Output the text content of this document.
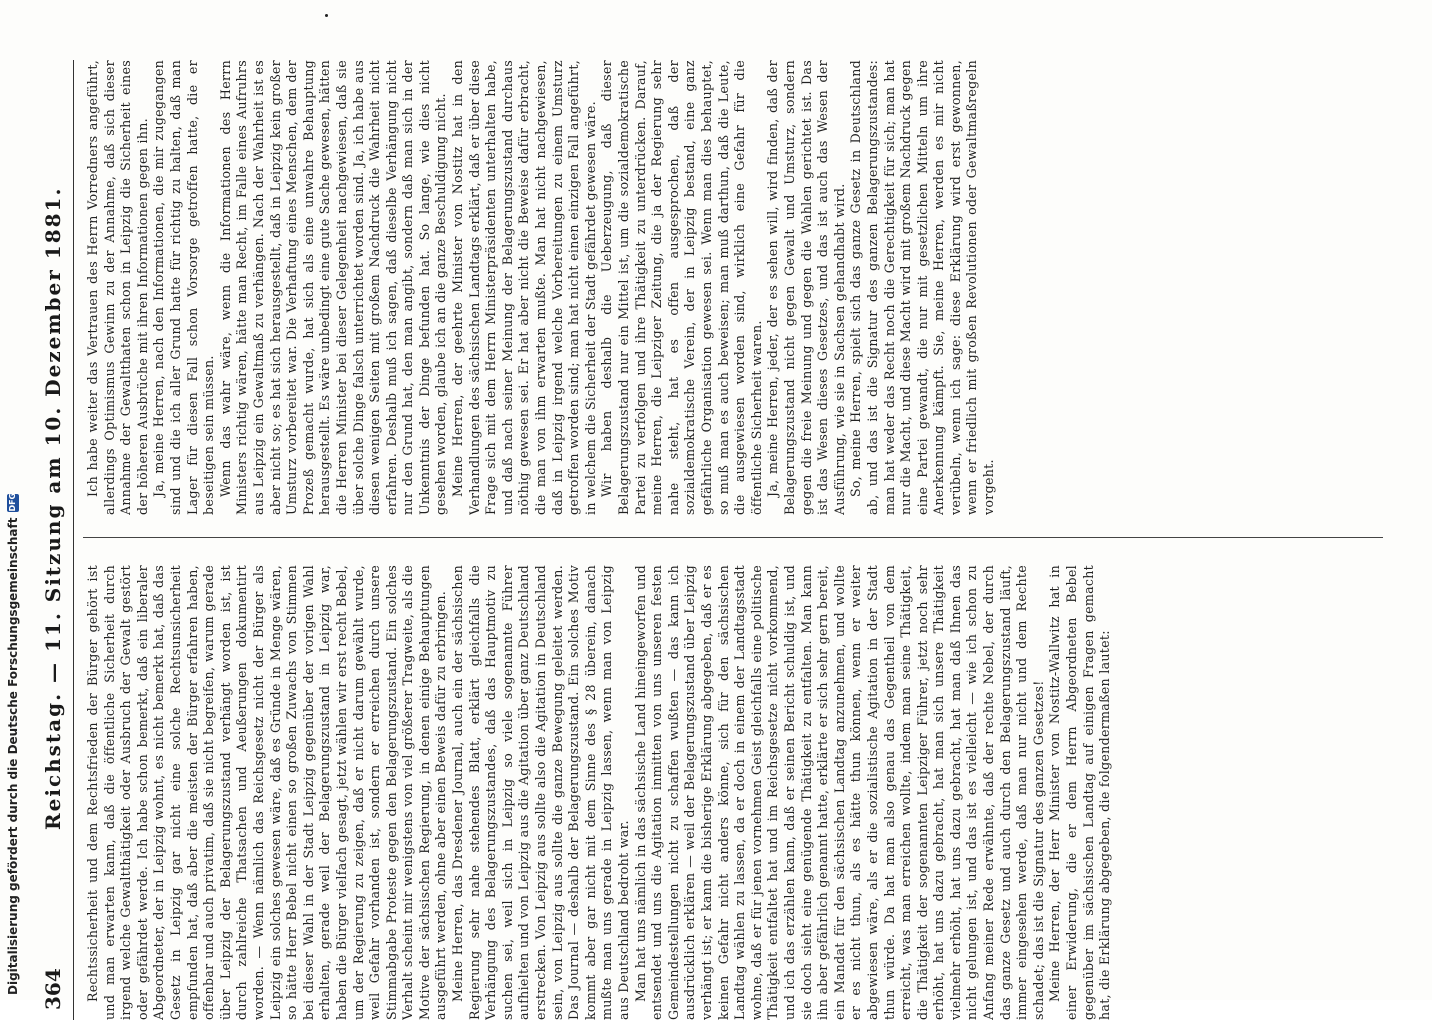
364
Reichstag. — 11. Sitzung am 10. Dezember 1881. Rechtssicherheit und dem Rechtsfrieden der Bürger gehört ist und man erwarten kann, daß die öffentliche Sicherheit durch irgend welche Gewaltthätigkeit oder Ausbruch der Gewalt gestört oder gefährdet werde. Ich habe schon bemerkt, daß ein liberaler Abgeordneter, der in Leipzig wohnt, es nicht bemerkt hat, daß das Gesetz in Leipzig gar nicht eine solche Rechtsunsicherheit empfunden hat, daß aber die meisten der Bürger erfahren haben, offenbar und auch privatim, daß sie nicht begreifen, warum gerade über Leipzig der Belagerungszustand verhängt worden ist, ist durch zahlreiche Thatsachen und Aeußerungen dokumentirt worden. — Wenn nämlich das Reichsgesetz nicht der Bürger als Leipzig ein solches gewesen wäre, daß es Gründe in Menge wären, so hätte Herr Bebel nicht einen so großen Zuwachs von Stimmen bei dieser Wahl in der Stadt Leipzig gegenüber der vorigen Wahl erhalten, gerade weil der Belagerungszustand in Leipzig war, haben die Bürger vielfach gesagt, jetzt wählen wir erst recht Bebel, um der Regierung zu zeigen, daß er nicht darum gewählt wurde, weil Gefahr vorhanden ist, sondern er erreichen durch unsere Stimmabgabe Proteste gegen den Belagerungszustand. Ein solches Verhalt scheint mir wenigstens von viel größerer Tragweite, als die Motive der sächsischen Regierung, in denen einige Behauptungen ausgeführt werden, ohne aber einen Beweis dafür zu erbringen. Meine Herren, das Dresdener Journal, auch ein der sächsischen Regierung sehr nahe stehendes Blatt, erklärt gleichfalls die Verhängung des Belagerungszustandes, daß das Hauptmotiv zu suchen sei, weil sich in Leipzig so viele sogenannte Führer aufhielten und von Leipzig aus die Agitation über ganz Deutschland erstrecken. Von Leipzig aus sollte also die Agitation in Deutschland sein, von Leipzig aus sollte die ganze Bewegung geleitet werden. Das Journal — deshalb der Belagerungszustand. Ein solches Motiv kommt aber gar nicht mit dem Sinne des § 28 überein, danach mußte man uns gerade in Leipzig lassen, wenn man von Leipzig aus Deutschland bedroht war. Man hat uns nämlich in das sächsische Land hineingeworfen und entsendet und uns die Agitation inmitten von uns unseren festen Gemeindestellungen nicht zu schaffen wußten — das kann ich ausdrücklich erklären — weil der Belagerungszustand über Leipzig verhängt ist; er kann die bisherige Erklärung abgegeben, daß er es keinen Gefahr nicht anders könne, sich für den sächsischen Landtag wählen zu lassen, da er doch in einem der Landtagsstadt wohne, daß er für jenen vornehmen Geist gleichfalls eine politische Thätigkeit entfaltet hat und im Reichsgesetze nicht vorkommend, und ich das erzählen kann, daß er seinen Bericht schuldig ist, und sie doch sieht eine genügende Thätigkeit zu entfalten. Man kann ihn aber gefährlich genannt hatte, erklärte er sich sehr gern bereit, ein Mandat für den sächsischen Landtag anzunehmen, und wollte er es nicht thun, als es hätte thun können, wenn er weiter abgewiesen wäre, als er die sozialistische Agitation in der Stadt thun würde. Da hat man also genau das Gegentheil von dem erreicht, was man erreichen wollte, indem man seine Thätigkeit, die Thätigkeit der sogenannten Leipziger Führer, jetzt noch sehr erhöht, hat uns dazu gebracht, hat man sich unsere Thätigkeit vielmehr erhöht, hat uns dazu gebracht, hat man daß Ihnen das nicht gelungen ist, und das ist es vielleicht — wie ich schon zu Anfang meiner Rede erwähnte, daß der rechte Nebel, der durch das ganze Gesetz und auch durch den Belagerungszustand läuft, immer eingesehen werde, daß man nur nicht und dem Rechte schadet; das ist die Signatur des ganzen Gesetzes! Meine Herren, der Herr Minister von Nostitz-Wallwitz hat in einer Erwiderung, die er dem Herrn Abgeordneten Bebel gegenüber im sächsischen Landtag auf einigen Fragen gemacht hat, die Erklärung abgegeben, die folgendermaßen lautet:

Ich habe weiter das Vertrauen des Herrn Vorredners angeführt, allerdings Optimismus Gewinn zu der Annahme, daß sich dieser Annahme der Gewaltthaten schon in Leipzig die Sicherheit eines der höheren Ausbrüche mit ihren Informationen gegen ihn. Ja, meine Herren, nach den Informationen, die mir zugegangen sind und die ich aller Grund hatte für richtig zu halten, daß man Lager für diesen Fall schon Vorsorge getroffen hatte, die er beseitigen sein müssen. Wenn das wahr wäre, wenn die Informationen des Herrn Ministers richtig wären, hätte man Recht, im Falle eines Aufruhrs aus Leipzig ein Gewaltmaß zu verhängen. Nach der Wahrheit ist es aber nicht so; es hat sich herausgestellt, daß in Leipzig kein großer Umsturz vorbereitet war. Die Verhaftung eines Menschen, dem der Prozeß gemacht wurde, hat sich als eine unwahre Behauptung herausgestellt. Es wäre unbedingt eine gute Sache gewesen, hätten die Herren Minister bei dieser Gelegenheit nachgewiesen, daß sie über solche Dinge falsch unterrichtet worden sind. Ja, ich habe aus diesen wenigen Seiten mit großem Nachdruck die Wahrheit nicht erfahren. Deshalb muß ich sagen, daß dieselbe Verhängung nicht nur den Grund hat, den man angibt, sondern daß man sich in der Unkenntnis der Dinge befunden hat. So lange, wie dies nicht gesehen worden, glaube ich an die ganze Beschuldigung nicht. Meine Herren, der geehrte Minister von Nostitz hat in den Verhandlungen des sächsischen Landtags erklärt, daß er über diese Frage sich mit dem Herrn Ministerpräsidenten unterhalten habe, und daß nach seiner Meinung der Belagerungszustand durchaus nöthig gewesen sei. Er hat aber nicht die Beweise dafür erbracht, die man von ihm erwarten mußte. Man hat nicht nachgewiesen, daß in Leipzig irgend welche Vorbereitungen zu einem Umsturz getroffen worden sind; man hat nicht einen einzigen Fall angeführt, in welchem die Sicherheit der Stadt gefährdet gewesen wäre. Wir haben deshalb die Ueberzeugung, daß dieser Belagerungszustand nur ein Mittel ist, um die sozialdemokratische Partei zu verfolgen und ihre Thätigkeit zu unterdrücken. Darauf, meine Herren, die Leipziger Zeitung, die ja der Regierung sehr nahe steht, hat es offen ausgesprochen, daß der sozialdemokratische Verein, der in Leipzig bestand, eine ganz gefährliche Organisation gewesen sei. Wenn man dies behauptet, so muß man es auch beweisen; man muß darthun, daß die Leute, die ausgewiesen worden sind, wirklich eine Gefahr für die öffentliche Sicherheit waren. Ja, meine Herren, jeder, der es sehen will, wird finden, daß der Belagerungszustand nicht gegen Gewalt und Umsturz, sondern gegen die freie Meinung und gegen die Wahlen gerichtet ist. Das ist das Wesen dieses Gesetzes, und das ist auch das Wesen der Ausführung, wie sie in Sachsen gehandhabt wird. So, meine Herren, spielt sich das ganze Gesetz in Deutschland ab, und das ist die Signatur des ganzen Belagerungszustandes: man hat weder das Recht noch die Gerechtigkeit für sich; man hat nur die Macht, und diese Macht wird mit großem Nachdruck gegen eine Partei gewandt, die nur mit gesetzlichen Mitteln um ihre Anerkennung kämpft. Sie, meine Herren, werden es mir nicht verübeln, wenn ich sage: diese Erklärung wird erst gewonnen, wenn er friedlich mit großen Revolutionen oder Gewaltmaßregeln vorgeht.

Digitalisierung gefördert durch die Deutsche Forschungsgemeinschaft
DFG
